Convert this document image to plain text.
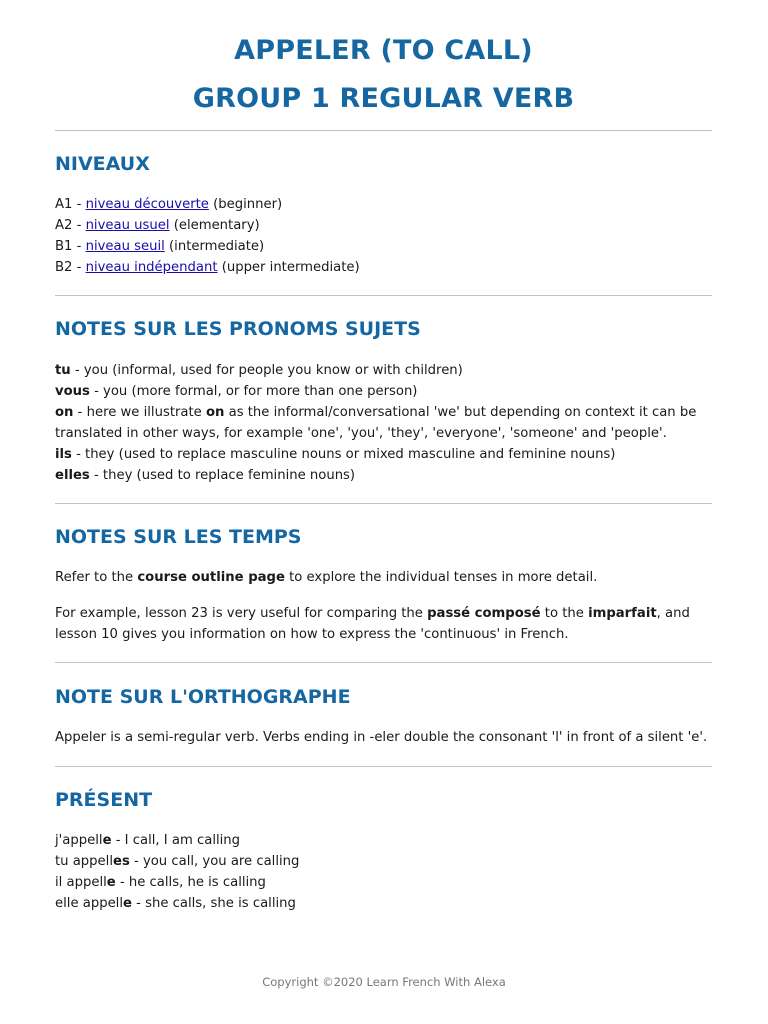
APPELER (TO CALL)
GROUP 1 REGULAR VERB
NIVEAUX
A1 - niveau découverte (beginner)
A2 - niveau usuel (elementary)
B1 - niveau seuil (intermediate)
B2 - niveau indépendant (upper intermediate)
NOTES SUR LES PRONOMS SUJETS
tu - you (informal, used for people you know or with children)
vous - you (more formal, or for more than one person)
on - here we illustrate on as the informal/conversational 'we' but depending on context it can be
translated in other ways, for example 'one', 'you', 'they', 'everyone', 'someone' and 'people'.
ils - they (used to replace masculine nouns or mixed masculine and feminine nouns)
elles - they (used to replace feminine nouns)
NOTES SUR LES TEMPS
Refer to the course outline page to explore the individual tenses in more detail.
For example, lesson 23 is very useful for comparing the passé composé to the imparfait, and
lesson 10 gives you information on how to express the 'continuous' in French.
NOTE SUR L'ORTHOGRAPHE
Appeler is a semi-regular verb. Verbs ending in -eler double the consonant 'l' in front of a silent 'e'.
PRÉSENT
j'appelle - I call, I am calling
tu appelles - you call, you are calling
il appelle - he calls, he is calling
elle appelle - she calls, she is calling
Copyright ©2020 Learn French With Alexa
